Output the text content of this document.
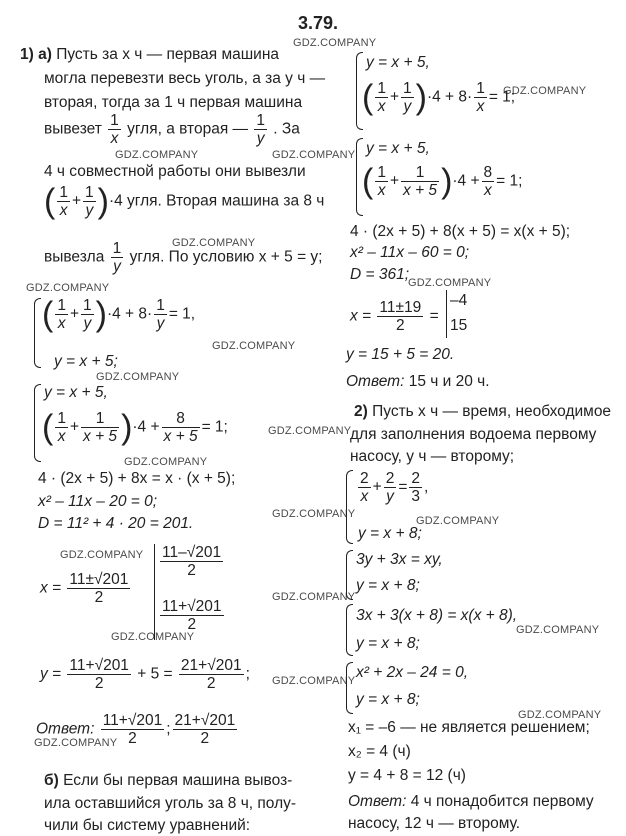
3.79.
GDZ.COMPANY
GDZ.COMPANY	GDZ.COMPANY
GDZ.COMPANY
GDZ.COMPANY
GDZ.COMPANY	GDZ.COMPANY
GDZ.COMPANY
GDZ.COMPANY
GDZ.COMPANY
GDZ.COMPANY
GDZ.COMPANY
GDZ.COMPANY
GDZ.COMPANY
GDZ.COMPANY
GDZ.COMPANY
GDZ.COMPANY
GDZ.COMPANY
GDZ.COMPANY
GDZ.COMPANY
1) а) Пусть за x ч — первая машина
могла перевезти весь уголь, а за y ч —
вторая, тогда за 1 ч первая машина
вывезет $\frac{1}{x}$ угля, а вторая — $\frac{1}{y}$ . За
4 ч совместной работы они вывезли
( $\frac{1}{x} + \frac{1}{y} )\cdot 4$ угля. Вторая машина за 8 ч
вывезла $\frac{1}{y}$ угля. По условию x + 5 = y;
( $\frac{1}{x} + \frac{1}{y} )\cdot 4 + 8\cdot \frac{1}{y} = 1$,
y = x + 5;
y = x + 5,
( $\frac{1}{x} + \frac{1}{x + 5} )\cdot 4 + \frac{8}{x + 5} = 1$;
4 · (2x + 5) + 8x = x · (x + 5);
x² – 11x – 20 = 0;
D = 11² + 4 · 20 = 201.
$x = \frac{11\pm√201}{2}$
$\frac{11-√201}{2}$
$\frac{11+√201}{2}$
$y = \frac{11+√201}{2} + 5 = \frac{21+√201}{2}$ ;
Ответ: $\frac{11+√201}{2}$ ; $\frac{21+√201}{2}$
б) Если бы первая машина вывоз-
ила оставшийся уголь за 8 ч, полу-
чили бы систему уравнений:
y = x + 5,
( $\frac{1}{x} + \frac{1}{y} )\cdot 4 + 8\cdot \frac{1}{x} = 1$;
y = x + 5,
( $\frac{1}{x} + \frac{1}{x + 5} )\cdot 4 + \frac{8}{x} = 1$;
4 · (2x + 5) + 8(x + 5) = x(x + 5);
x² – 11x – 60 = 0;
D = 361;
$x = \frac{11\pm 19}{2}$ =
–4
15
y = 15 + 5 = 20.
Ответ: 15 ч и 20 ч.
2) Пусть x ч — время, необходимое
для заполнения водоема первому
насосу, y ч — второму;
$\frac{2}{x} + \frac{2}{y} = \frac{2}{3}$ ,
y = x + 8;
3y + 3x = xy,
y = x + 8;
3x + 3(x + 8) = x(x + 8),
y = x + 8;
x² + 2x – 24 = 0,
y = x + 8;
x₁ = –6 — не является решением;
x₂ = 4 (ч)
y = 4 + 8 = 12 (ч)
Ответ: 4 ч понадобится первому
насосу, 12 ч — второму.
